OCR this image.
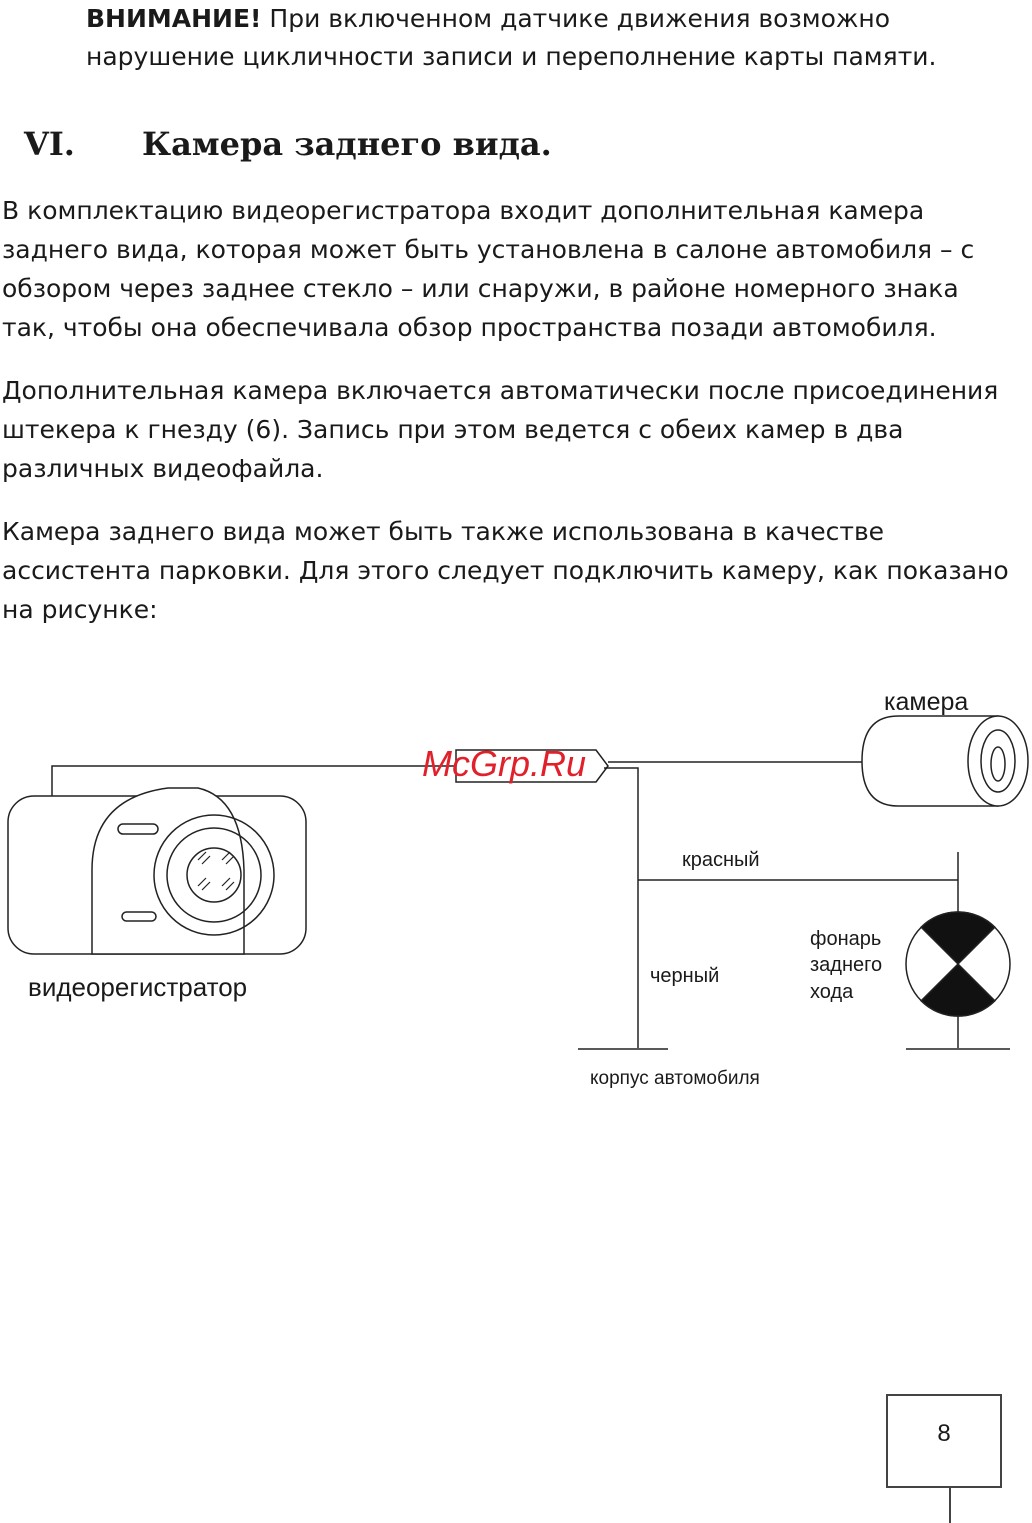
ВНИМАНИЕ! При включенном датчике движения возможно
нарушение цикличности записи и переполнение карты памяти.
VI. Камера заднего вида.

В комплектацию видеорегистратора входит дополнительная камера заднего вида, которая может быть установлена в салоне автомобиля – с обзором через заднее стекло – или снаружи, в районе номерного знака так, чтобы она обеспечивала обзор пространства позади автомобиля.

Дополнительная камера включается автоматически после присоединения штекера к гнезду (6). Запись при этом ведется с обеих камер в два различных видеофайла.

Камера заднего вида может быть также использована в качестве ассистента парковки. Для этого следует подключить камеру, как показано на рисунке:

камера
McGrp.Ru
красный
черный
фонарь
заднего
хода
видеорегистратор
корпус автомобиля
8
